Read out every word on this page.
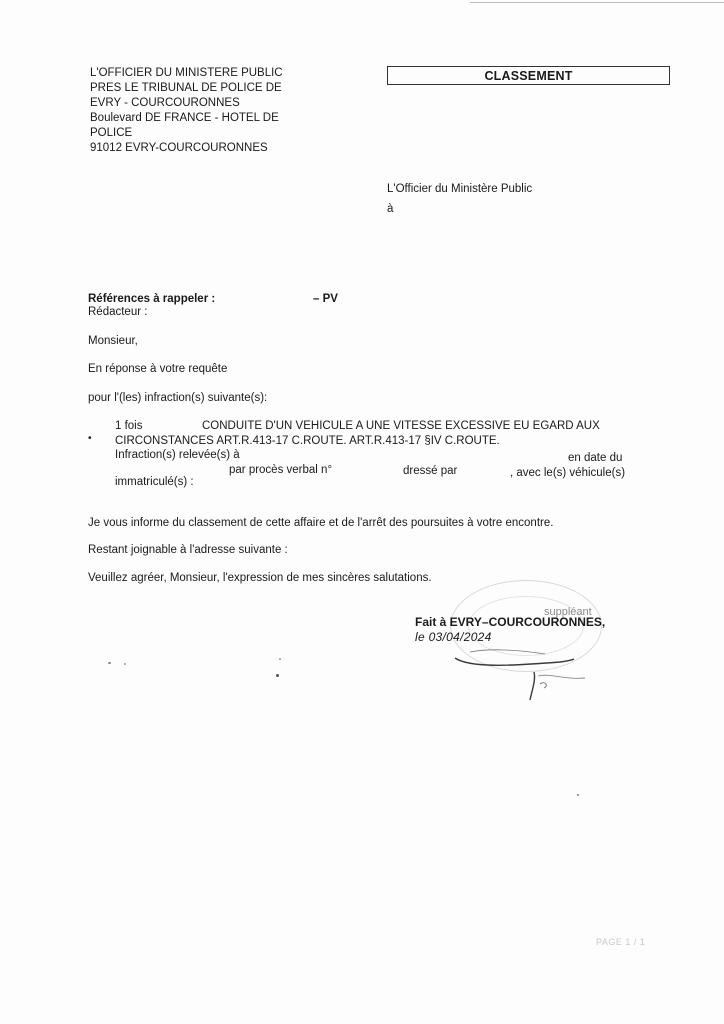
L'OFFICIER DU MINISTERE PUBLIC
PRES LE TRIBUNAL DE POLICE DE
EVRY - COURCOURONNES
Boulevard DE FRANCE - HOTEL DE
POLICE
91012 EVRY-COURCOURONNES
CLASSEMENT
L'Officier du Ministère Public
à
Références à rappeler :	– PV
Rédacteur :
Monsieur,
En réponse à votre requête
pour l'(les) infraction(s) suivante(s):
•
1 fois	CONDUITE D'UN VEHICULE A UNE VITESSE EXCESSIVE EU EGARD AUX
CIRCONSTANCES ART.R.413-17 C.ROUTE. ART.R.413-17 §IV C.ROUTE.
Infraction(s) relevée(s) à	en date du
par procès verbal n°	dressé par	, avec le(s) véhicule(s)
immatriculé(s) :
Je vous informe du classement de cette affaire et de l'arrêt des poursuites à votre encontre.
Restant joignable à l'adresse suivante :
Veuillez agréer, Monsieur, l'expression de mes sincères salutations.
suppléant
Fait à EVRY–COURCOURONNES,
le 03/04/2024
PAGE 1 / 1
